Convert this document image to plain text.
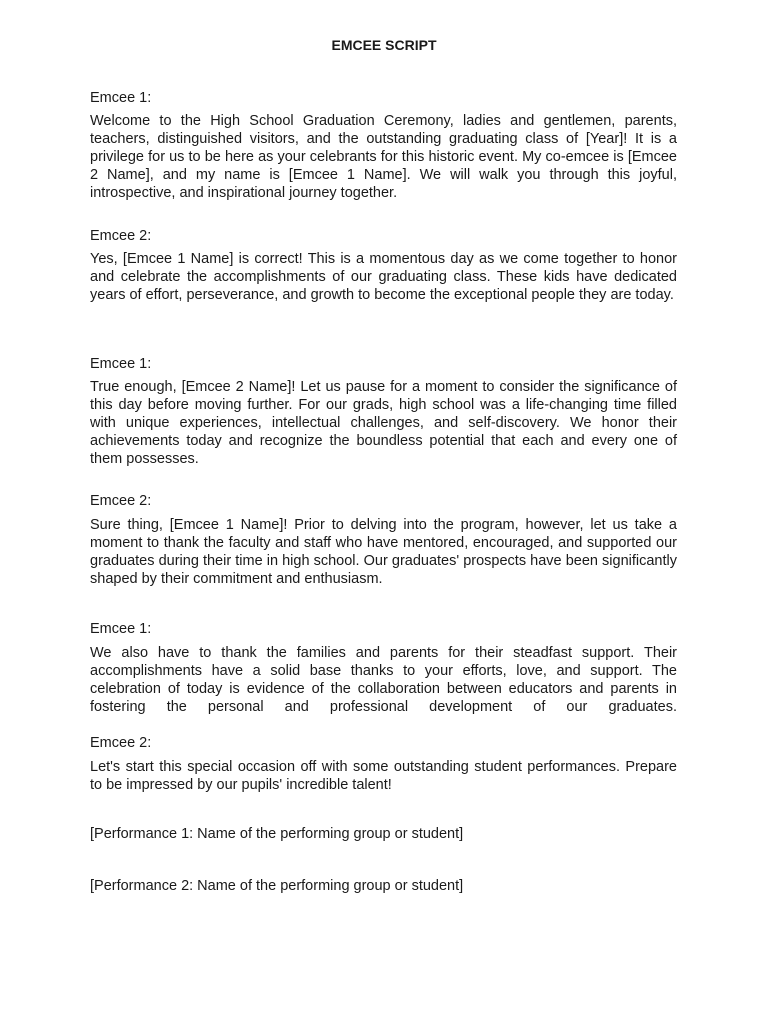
EMCEE SCRIPT
Emcee 1:
Welcome to the High School Graduation Ceremony, ladies and gentlemen, parents, teachers, distinguished visitors, and the outstanding graduating class of [Year]! It is a privilege for us to be here as your celebrants for this historic event. My co-emcee is [Emcee 2 Name], and my name is [Emcee 1 Name]. We will walk you through this joyful, introspective, and inspirational journey together.
Emcee 2:
Yes, [Emcee 1 Name] is correct! This is a momentous day as we come together to honor and celebrate the accomplishments of our graduating class. These kids have dedicated years of effort, perseverance, and growth to become the exceptional people they are today.
Emcee 1:
True enough, [Emcee 2 Name]! Let us pause for a moment to consider the significance of this day before moving further. For our grads, high school was a life-changing time filled with unique experiences, intellectual challenges, and self-discovery. We honor their achievements today and recognize the boundless potential that each and every one of them possesses.
Emcee 2:
Sure thing, [Emcee 1 Name]! Prior to delving into the program, however, let us take a moment to thank the faculty and staff who have mentored, encouraged, and supported our graduates during their time in high school. Our graduates' prospects have been significantly shaped by their commitment and enthusiasm.
Emcee 1:
We also have to thank the families and parents for their steadfast support. Their accomplishments have a solid base thanks to your efforts, love, and support. The celebration of today is evidence of the collaboration between educators and parents in fostering the personal and professional development of our graduates.
Emcee 2:
Let's start this special occasion off with some outstanding student performances. Prepare to be impressed by our pupils' incredible talent!
[Performance 1: Name of the performing group or student]
[Performance 2: Name of the performing group or student]
